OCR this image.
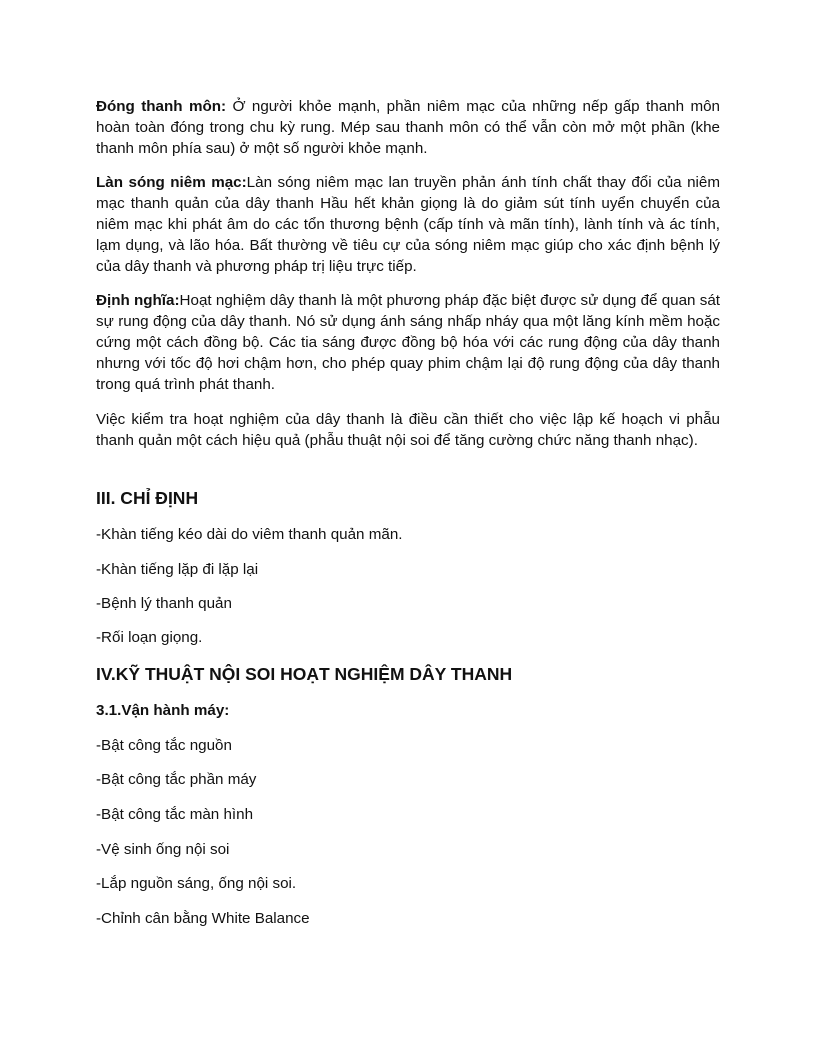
Đóng thanh môn: Ở người khỏe mạnh, phần niêm mạc của những nếp gấp thanh môn hoàn toàn đóng trong chu kỳ rung. Mép sau thanh môn có thể vẫn còn mở một phần (khe thanh môn phía sau) ở một số người khỏe mạnh.

Làn sóng niêm mạc:Làn sóng niêm mạc lan truyền phản ánh tính chất thay đổi của niêm mạc thanh quản của dây thanh Hầu hết khản giọng là do giảm sút tính uyển chuyển của niêm mạc khi phát âm do các tổn thương bệnh (cấp tính và mãn tính), lành tính và ác tính, lạm dụng, và lão hóa. Bất thường về tiêu cự của sóng niêm mạc giúp cho xác định bệnh lý của dây thanh và phương pháp trị liệu trực tiếp.

Định nghĩa:Hoạt nghiệm dây thanh là một phương pháp đặc biệt được sử dụng để quan sát sự rung động của dây thanh. Nó sử dụng ánh sáng nhấp nháy qua một lăng kính mềm hoặc cứng một cách đồng bộ. Các tia sáng được đồng bộ hóa với các rung động của dây thanh nhưng với tốc độ hơi chậm hơn, cho phép quay phim chậm lại độ rung động của dây thanh trong quá trình phát thanh.

Việc kiểm tra hoạt nghiệm của dây thanh là điều cần thiết cho việc lập kế hoạch vi phẫu thanh quản một cách hiệu quả (phẫu thuật nội soi để tăng cường chức năng thanh nhạc).

III. CHỈ ĐỊNH

-Khàn tiếng kéo dài do viêm thanh quản mãn.

-Khàn tiếng lặp đi lặp lại

-Bệnh lý thanh quản

-Rối loạn giọng.

IV.KỸ THUẬT NỘI SOI HOẠT NGHIỆM DÂY THANH

3.1.Vận hành máy:

-Bật công tắc nguồn

-Bật công tắc phần máy

-Bật công tắc màn hình

-Vệ sinh ống nội soi

-Lắp nguồn sáng, ống nội soi.

-Chỉnh cân bằng White Balance
